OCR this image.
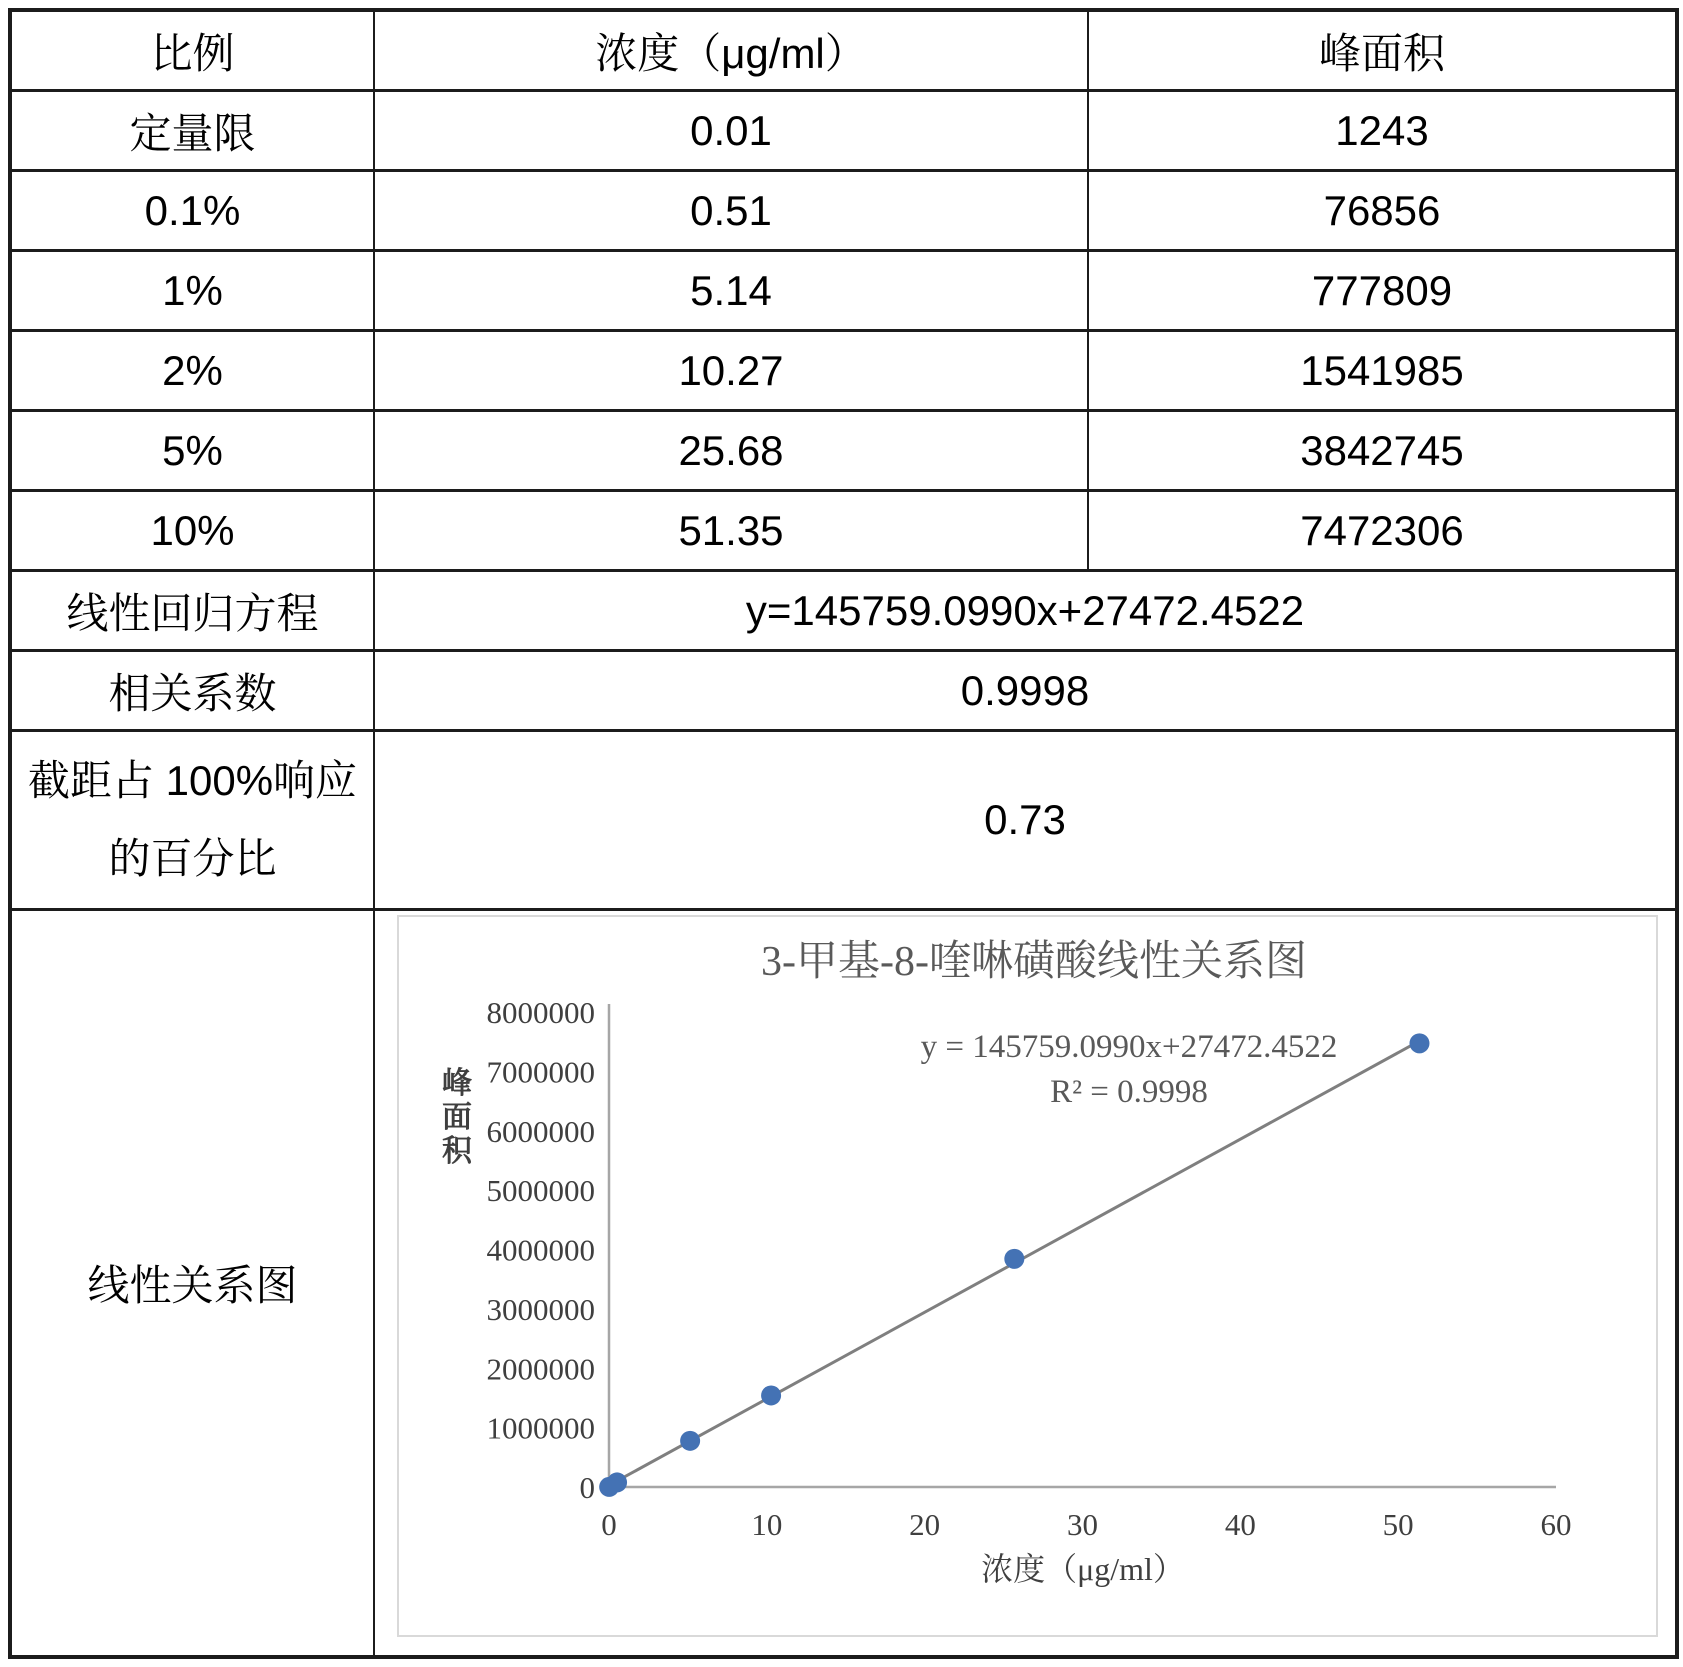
比例	浓度（μg/ml）	峰面积
定量限	0.01	1243
0.1%	0.51	76856
1%	5.14	777809
2%	10.27	1541985
5%	25.68	3842745
10%	51.35	7472306
线性回归方程	y=145759.0990x+27472.4522	
相关系数	0.9998	
截距占 100%响应的百分比	0.73	
线性关系图	
0
1000000
2000000
3000000
4000000
5000000
6000000
7000000
8000000
0	10	20	30	40	50	60
3-甲基-8-喹啉磺酸线性关系图
y = 145759.0990x+27472.4522
R² = 0.9998
峰
面
积
浓度（μg/ml）
